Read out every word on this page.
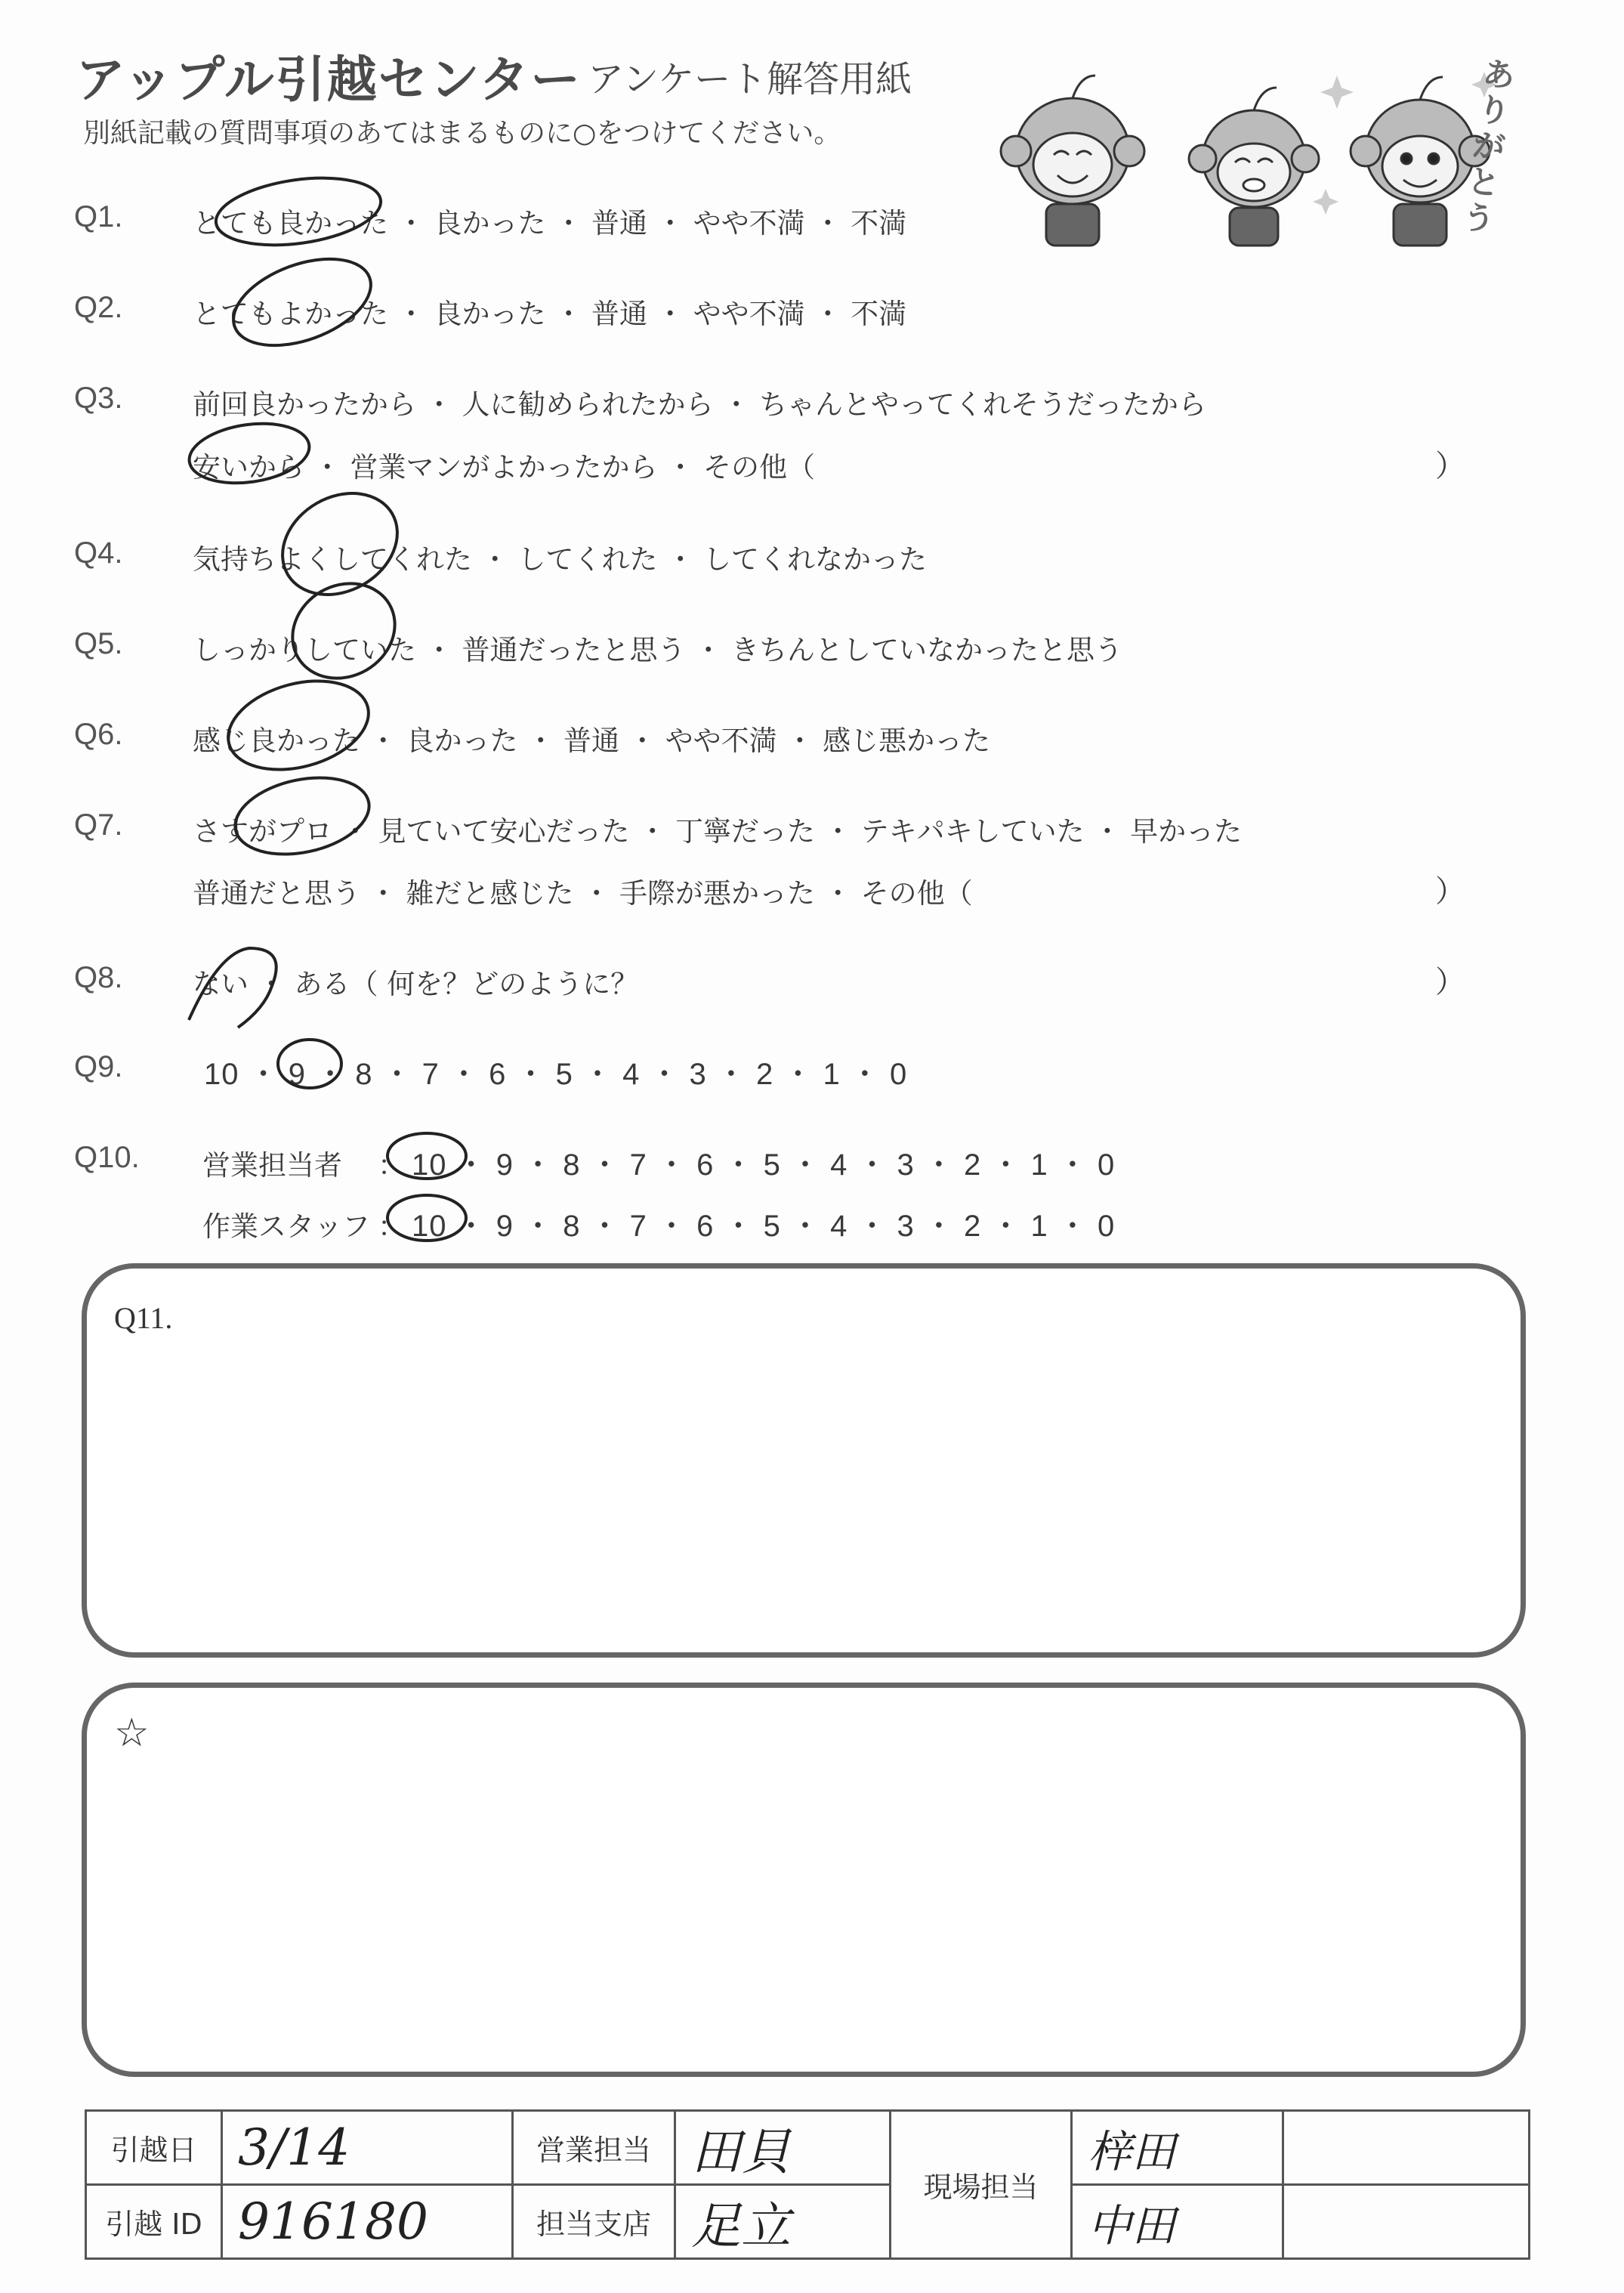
アップル引越センター アンケート解答用紙
別紙記載の質問事項のあてはまるものに○をつけてください。
ありがとう
Q1.	とても良かった ・ 良かった ・ 普通 ・ やや不満 ・ 不満
Q2.	とてもよかった ・ 良かった ・ 普通 ・ やや不満 ・ 不満
Q3.	前回良かったから ・ 人に勧められたから ・ ちゃんとやってくれそうだったから
安いから ・ 営業マンがよかったから ・ その他（	）
Q4.	気持ちよくしてくれた ・ してくれた ・ してくれなかった
Q5.	しっかりしていた ・ 普通だったと思う ・ きちんとしていなかったと思う
Q6.	感じ良かった ・ 良かった ・ 普通 ・ やや不満 ・ 感じ悪かった
Q7.	さすがプロ ・ 見ていて安心だった ・ 丁寧だった ・ テキパキしていた ・ 早かった
普通だと思う ・ 雑だと感じた ・ 手際が悪かった ・ その他（	）
Q8.	ない ・ ある（ 何を？どのように？	）
Q9.	10 ・ 9 ・ 8 ・ 7 ・ 6 ・ 5 ・ 4 ・ 3 ・ 2 ・ 1 ・ 0
Q10. 営業担当者 ： 10 ・ 9 ・ 8 ・ 7 ・ 6 ・ 5 ・ 4 ・ 3 ・ 2 ・ 1 ・ 0
作業スタッフ ： 10 ・ 9 ・ 8 ・ 7 ・ 6 ・ 5 ・ 4 ・ 3 ・ 2 ・ 1 ・ 0
Q11.
☆
引越日	3/14	営業担当	田貝	現場担当	梓田	
引越 ID	916180	担当支店	足立		中田	
